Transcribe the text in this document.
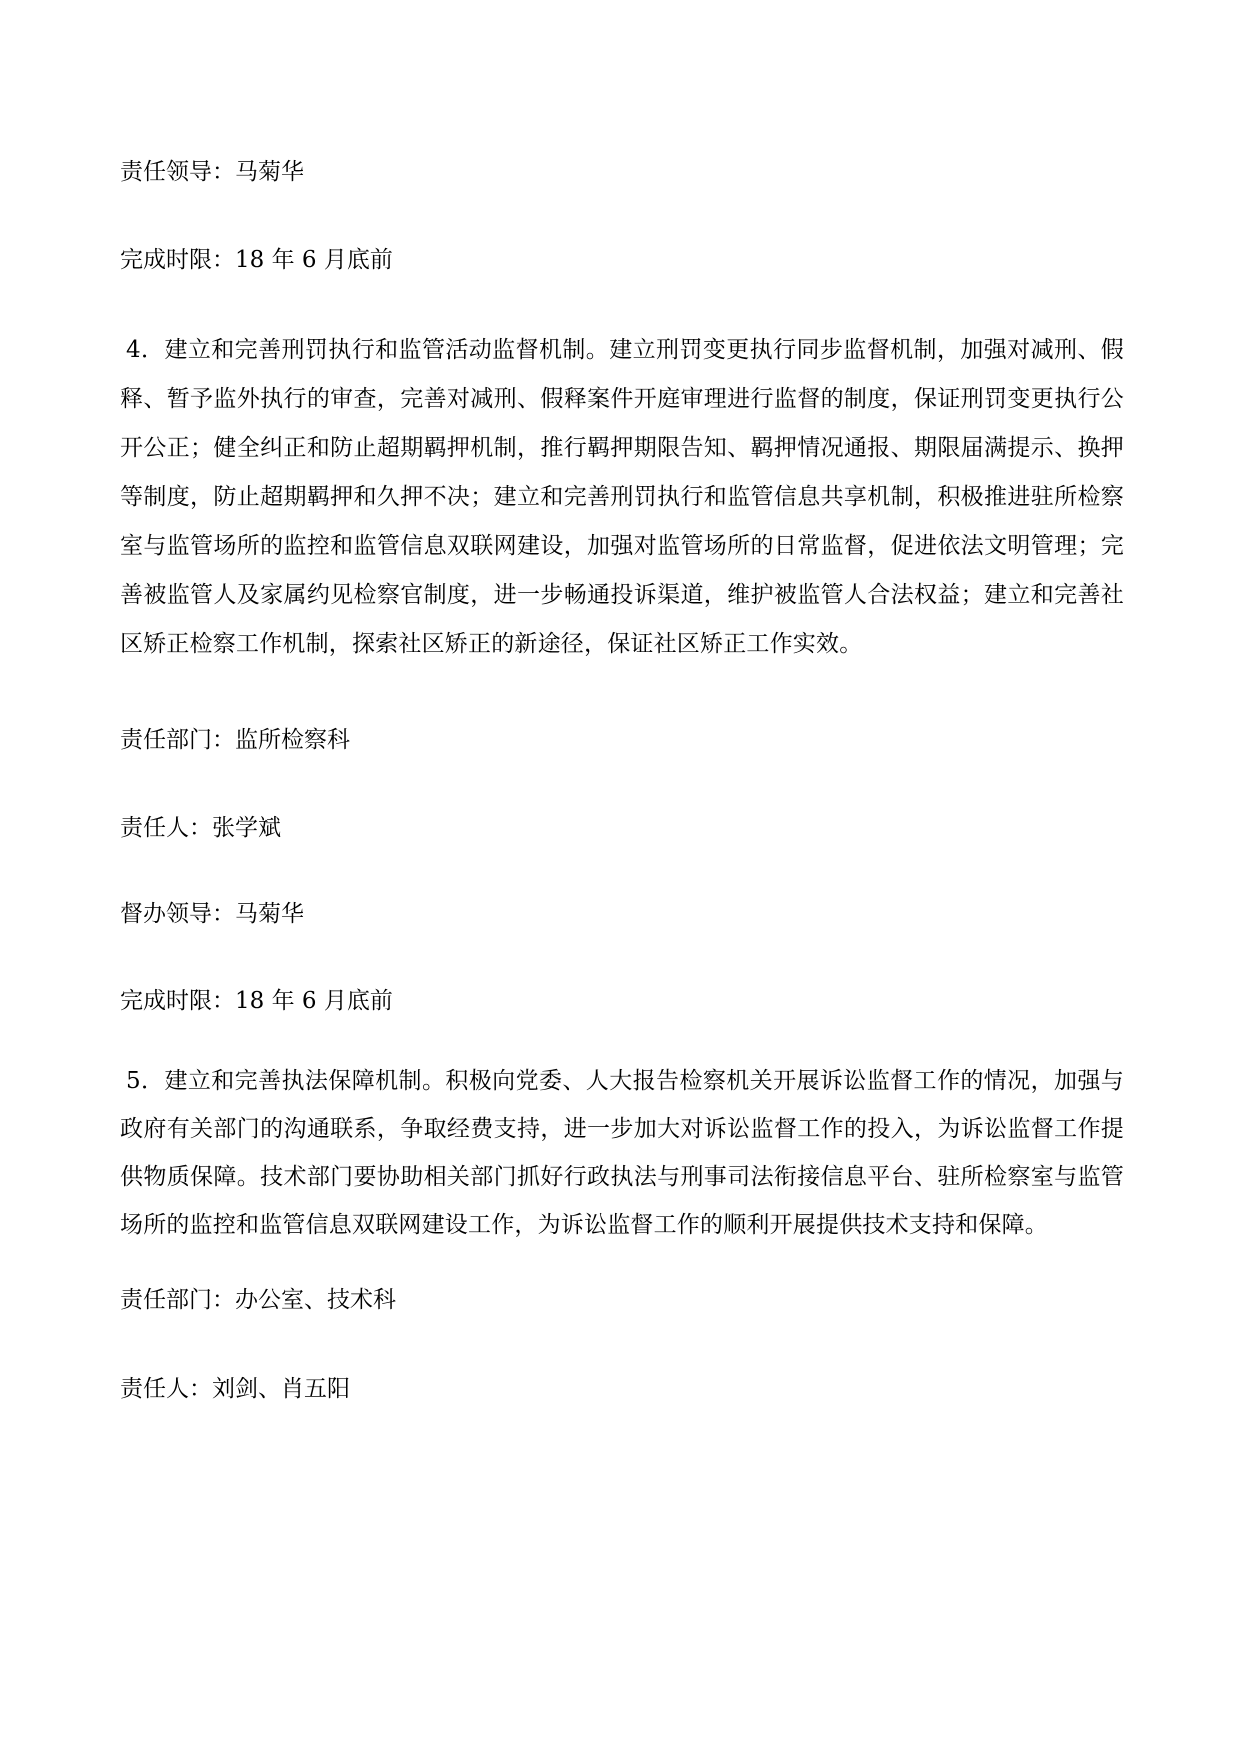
责任领导：马菊华

完成时限：18 年 6 月底前

4．建立和完善刑罚执行和监管活动监督机制。建立刑罚变更执行同步监督机制，加强对减刑、假释、暂予监外执行的审查，完善对减刑、假释案件开庭审理进行监督的制度，保证刑罚变更执行公开公正；健全纠正和防止超期羁押机制，推行羁押期限告知、羁押情况通报、期限届满提示、换押等制度，防止超期羁押和久押不决；建立和完善刑罚执行和监管信息共享机制，积极推进驻所检察室与监管场所的监控和监管信息双联网建设，加强对监管场所的日常监督，促进依法文明管理；完善被监管人及家属约见检察官制度，进一步畅通投诉渠道，维护被监管人合法权益；建立和完善社区矫正检察工作机制，探索社区矫正的新途径，保证社区矫正工作实效。

责任部门：监所检察科

责任人：张学斌

督办领导：马菊华

完成时限：18 年 6 月底前

5．建立和完善执法保障机制。积极向党委、人大报告检察机关开展诉讼监督工作的情况，加强与政府有关部门的沟通联系，争取经费支持，进一步加大对诉讼监督工作的投入，为诉讼监督工作提供物质保障。技术部门要协助相关部门抓好行政执法与刑事司法衔接信息平台、驻所检察室与监管场所的监控和监管信息双联网建设工作，为诉讼监督工作的顺利开展提供技术支持和保障。

责任部门：办公室、技术科

责任人：刘剑、肖五阳
